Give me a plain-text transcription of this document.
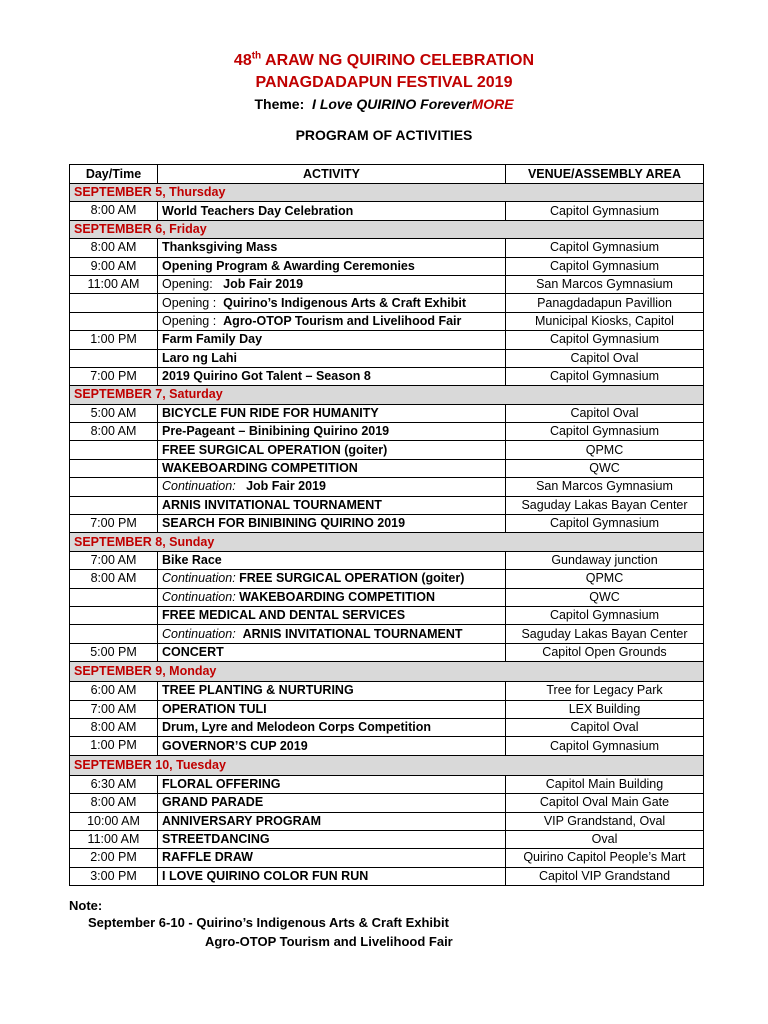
48th ARAW NG QUIRINO CELEBRATION
PANAGDADAPUN FESTIVAL 2019
Theme: I Love QUIRINO ForeverMORE
PROGRAM OF ACTIVITIES
Day/Time	ACTIVITY	VENUE/ASSEMBLY AREA
SEPTEMBER 5, Thursday		
8:00 AM	World Teachers Day Celebration	Capitol Gymnasium
SEPTEMBER 6, Friday		
8:00 AM	Thanksgiving Mass	Capitol Gymnasium
9:00 AM	Opening Program & Awarding Ceremonies	Capitol Gymnasium
11:00 AM	Opening:   Job Fair 2019	San Marcos Gymnasium
	Opening :  Quirino’s Indigenous Arts & Craft Exhibit	Panagdadapun Pavillion
	Opening :  Agro-OTOP Tourism and Livelihood Fair	Municipal Kiosks, Capitol
1:00 PM	Farm Family Day	Capitol Gymnasium
	Laro ng Lahi	Capitol Oval
7:00 PM	2019 Quirino Got Talent – Season 8	Capitol Gymnasium
SEPTEMBER 7, Saturday		
5:00 AM	BICYCLE FUN RIDE FOR HUMANITY	Capitol Oval
8:00 AM	Pre-Pageant – Binibining Quirino 2019	Capitol Gymnasium
	FREE SURGICAL OPERATION (goiter)	QPMC
	WAKEBOARDING COMPETITION	QWC
	Continuation:   Job Fair 2019	San Marcos Gymnasium
	ARNIS INVITATIONAL TOURNAMENT	Saguday Lakas Bayan Center
7:00 PM	SEARCH FOR BINIBINING QUIRINO 2019	Capitol Gymnasium
SEPTEMBER 8, Sunday		
7:00 AM	Bike Race	Gundaway junction
8:00 AM	Continuation: FREE SURGICAL OPERATION (goiter)	QPMC
	Continuation: WAKEBOARDING COMPETITION	QWC
	FREE MEDICAL AND DENTAL SERVICES	Capitol Gymnasium
	Continuation:  ARNIS INVITATIONAL TOURNAMENT	Saguday Lakas Bayan Center
5:00 PM	CONCERT	Capitol Open Grounds
SEPTEMBER 9, Monday		
6:00 AM	TREE PLANTING & NURTURING	Tree for Legacy Park
7:00 AM	OPERATION TULI	LEX Building
8:00 AM	Drum, Lyre and Melodeon Corps Competition	Capitol Oval
1:00 PM	GOVERNOR’S CUP 2019	Capitol Gymnasium
SEPTEMBER 10, Tuesday		
6:30 AM	FLORAL OFFERING	Capitol Main Building
8:00 AM	GRAND PARADE	Capitol Oval Main Gate
10:00 AM	ANNIVERSARY PROGRAM	VIP Grandstand, Oval
11:00 AM	STREETDANCING	Oval
2:00 PM	RAFFLE DRAW	Quirino Capitol People’s Mart
3:00 PM	I LOVE QUIRINO COLOR FUN RUN	Capitol VIP Grandstand
Note:
September 6-10 - Quirino’s Indigenous Arts & Craft Exhibit
Agro-OTOP Tourism and Livelihood Fair
